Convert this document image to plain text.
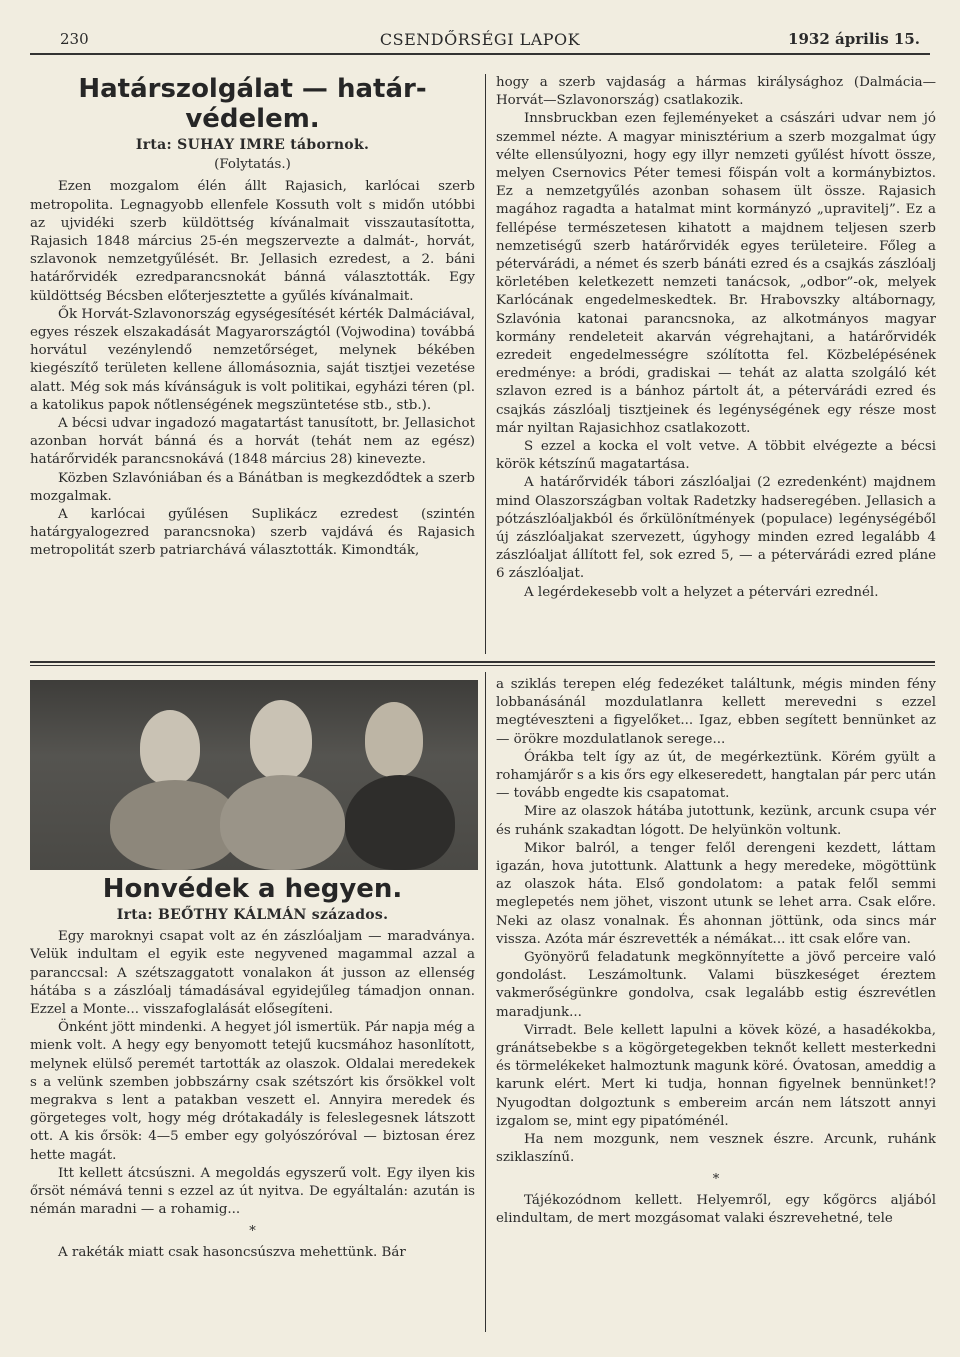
230	CSENDŐRSÉGI LAPOK	1932 április 15.
Határszolgálat — határ-védelem.
Irta: SUHAY IMRE tábornok.
(Folytatás.)

Ezen mozgalom élén állt Rajasich, karlócai szerb metropolita. Legnagyobb ellenfele Kossuth volt s midőn utóbbi az ujvidéki szerb küldöttség kívánalmait visszautasította, Rajasich 1848 március 25-én megszervezte a dalmát-, horvát, szlavonok nemzetgyűlését. Br. Jellasich ezredest, a 2. báni határőrvidék ezredparancsnokát bánná választották. Egy küldöttség Bécsben előterjesztette a gyűlés kívánalmait.

Ők Horvát-Szlavonország egységesítését kérték Dalmáciával, egyes részek elszakadását Magyarországtól (Vojwodina) továbbá horvátul vezénylendő nemzetőrséget, melynek békében kiegészítő területen kellene állomásoznia, saját tisztjei vezetése alatt. Még sok más kívánságuk is volt politikai, egyházi téren (pl. a katolikus papok nőtlenségének megszüntetése stb., stb.).

A bécsi udvar ingadozó magatartást tanusított, br. Jellasichot azonban horvát bánná és a horvát (tehát nem az egész) határőrvidék parancsnokává (1848 március 28) kinevezte.

Közben Szlavóniában és a Bánátban is megkezdődtek a szerb mozgalmak.

A karlócai gyűlésen Suplikácz ezredest (szintén határgyalogezred parancsnoka) szerb vajdává és Rajasich metropolitát szerb patriarchává választották. Kimondták,

hogy a szerb vajdaság a hármas királysághoz (Dalmácia—Horvát—Szlavonország) csatlakozik.

Innsbruckban ezen fejleményeket a császári udvar nem jó szemmel nézte. A magyar minisztérium a szerb mozgalmat úgy vélte ellensúlyozni, hogy egy illyr nemzeti gyűlést hívott össze, melyen Csernovics Péter temesi főispán volt a kormánybiztos. Ez a nemzetgyűlés azonban sohasem ült össze. Rajasich magához ragadta a hatalmat mint kormányzó „upravitelj”. Ez a fellépése természetesen kihatott a majdnem teljesen szerb nemzetiségű szerb határőrvidék egyes területeire. Főleg a pétervárádi, a német és szerb bánáti ezred és a csajkás zászlóalj körletében keletkezett nemzeti tanácsok, „odbor”-ok, melyek Karlócának engedelmeskedtek. Br. Hrabovszky altábornagy, Szlavónia katonai parancsnoka, az alkotmányos magyar kormány rendeleteit akarván végrehajtani, a határőrvidék ezredeit engedelmességre szólította fel. Közbelépésének eredménye: a bródi, gradiskai — tehát az alatta szolgáló két szlavon ezred is a bánhoz pártolt át, a pétervárádi ezred és csajkás zászlóalj tisztjeinek és legénységének egy része most már nyiltan Rajasichhoz csatlakozott.

S ezzel a kocka el volt vetve. A többit elvégezte a bécsi körök kétszínű magatartása.

A határőrvidék tábori zászlóaljai (2 ezredenként) majdnem mind Olaszországban voltak Radetzky hadseregében. Jellasich a pótzászlóaljakból és őrkülönítmények (populace) legénységéből új zászlóaljakat szervezett, úgyhogy minden ezred legalább 4 zászlóaljat állított fel, sok ezred 5, — a pétervárádi ezred pláne 6 zászlóaljat.

A legérdekesebb volt a helyzet a pétervári ezrednél.

Honvédek a hegyen.
Irta: BEŐTHY KÁLMÁN százados.

Egy maroknyi csapat volt az én zászlóaljam — maradványa. Velük indultam el egyik este negyvened magammal azzal a paranccsal: A szétszaggatott vonalakon át jusson az ellenség hátába s a zászlóalj támadásával egyidejűleg támadjon onnan. Ezzel a Monte... visszafoglalását elősegíteni.

Önként jött mindenki. A hegyet jól ismertük. Pár napja még a mienk volt. A hegy egy benyomott tetejű kucsmához hasonlított, melynek elülső peremét tartották az olaszok. Oldalai meredekek s a velünk szemben jobbszárny csak szétszórt kis őrsökkel volt megrakva s lent a patakban veszett el. Annyira meredek és görgeteges volt, hogy még drótakadály is feleslegesnek látszott ott. A kis őrsök: 4—5 ember egy golyószóróval — biztosan érez hette magát.

Itt kellett átcsúszni. A megoldás egyszerű volt. Egy ilyen kis őrsöt némává tenni s ezzel az út nyitva. De egyáltalán: azután is némán maradni — a rohamig...

*

A rakéták miatt csak hasoncsúszva mehettünk. Bár

a sziklás terepen elég fedezéket találtunk, mégis minden fény lobbanásánál mozdulatlanra kellett merevedni s ezzel megtéveszteni a figyelőket... Igaz, ebben segített bennünket az — örökre mozdulatlanok serege...

Órákba telt így az út, de megérkeztünk. Körém gyült a rohamjárőr s a kis őrs egy elkeseredett, hangtalan pár perc után — tovább engedte kis csapatomat.

Mire az olaszok hátába jutottunk, kezünk, arcunk csupa vér és ruhánk szakadtan lógott. De helyünkön voltunk.

Mikor balról, a tenger felől derengeni kezdett, láttam igazán, hova jutottunk. Alattunk a hegy meredeke, mögöttünk az olaszok háta. Első gondolatom: a patak felől semmi meglepetés nem jöhet, viszont utunk se lehet arra. Csak előre. Neki az olasz vonalnak. És ahonnan jöttünk, oda sincs már vissza. Azóta már észrevették a némákat... itt csak előre van.

Gyönyörű feladatunk megkönnyítette a jövő perceire való gondolást. Leszámoltunk. Valami büszkeséget éreztem vakmerőségünkre gondolva, csak legalább estig észrevétlen maradjunk...

Virradt. Bele kellett lapulni a kövek közé, a hasadékokba, gránátsebekbe s a kögörgetegekben teknőt kellett mesterkedni és törmelékeket halmoztunk magunk köré. Óvatosan, ameddig a karunk elért. Mert ki tudja, honnan figyelnek bennünket!? Nyugodtan dolgoztunk s embereim arcán nem látszott annyi izgalom se, mint egy pipatóménél.

Ha nem mozgunk, nem vesznek észre. Arcunk, ruhánk sziklaszínű.

*

Tájékozódnom kellett. Helyemről, egy kőgörcs aljából elindultam, de mert mozgásomat valaki észrevehetné, tele
